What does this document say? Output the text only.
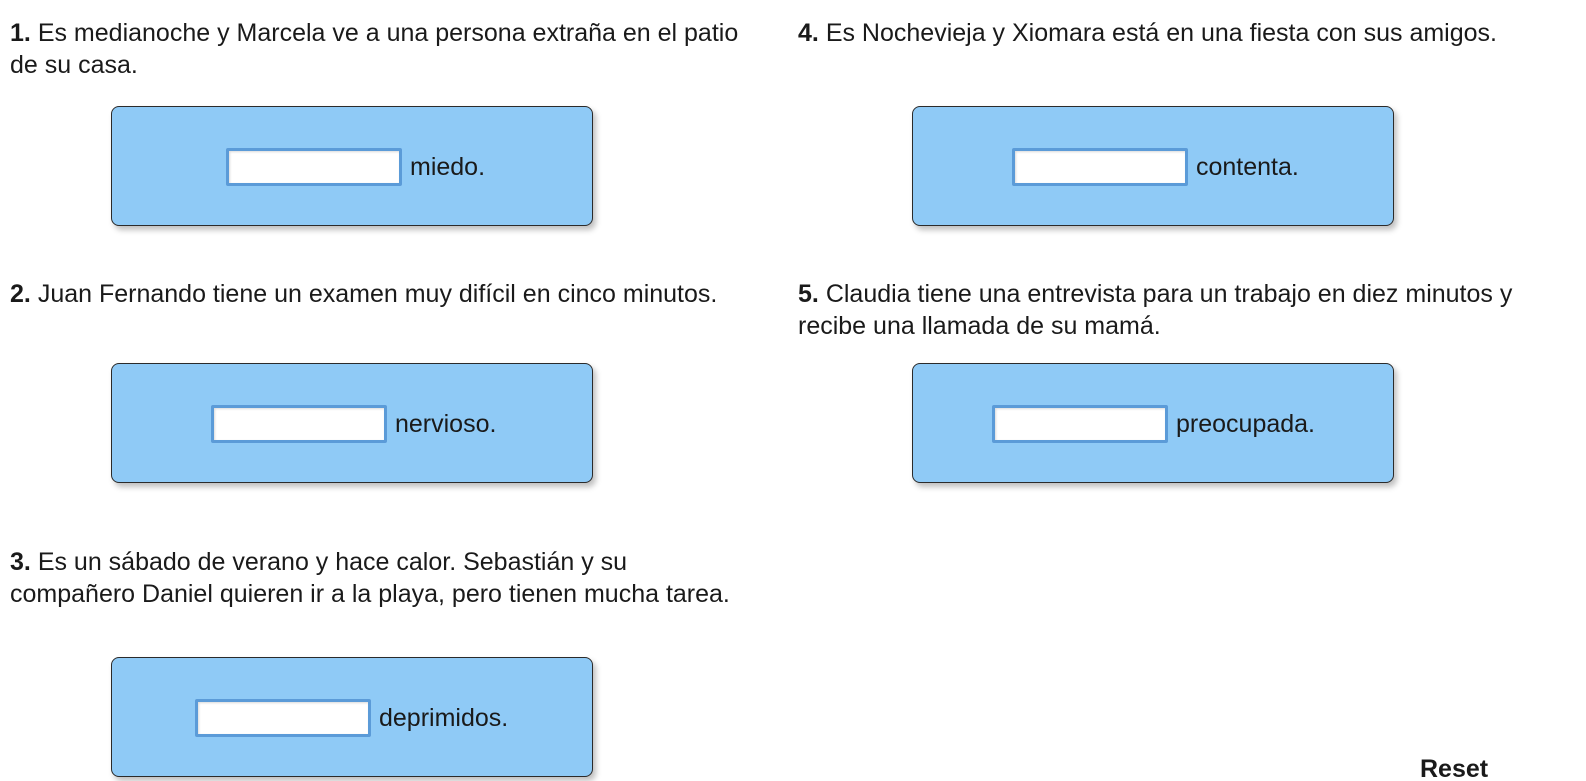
1. Es medianoche y Marcela ve a una persona extraña en el patio de su casa.

miedo.

2. Juan Fernando tiene un examen muy difícil en cinco minutos.

nervioso.

3. Es un sábado de verano y hace calor. Sebastián y su compañero Daniel quieren ir a la playa, pero tienen mucha tarea.

deprimidos.

4. Es Nochevieja y Xiomara está en una fiesta con sus amigos.

contenta.

5. Claudia tiene una entrevista para un trabajo en diez minutos y recibe una llamada de su mamá.

preocupada.
Reset
